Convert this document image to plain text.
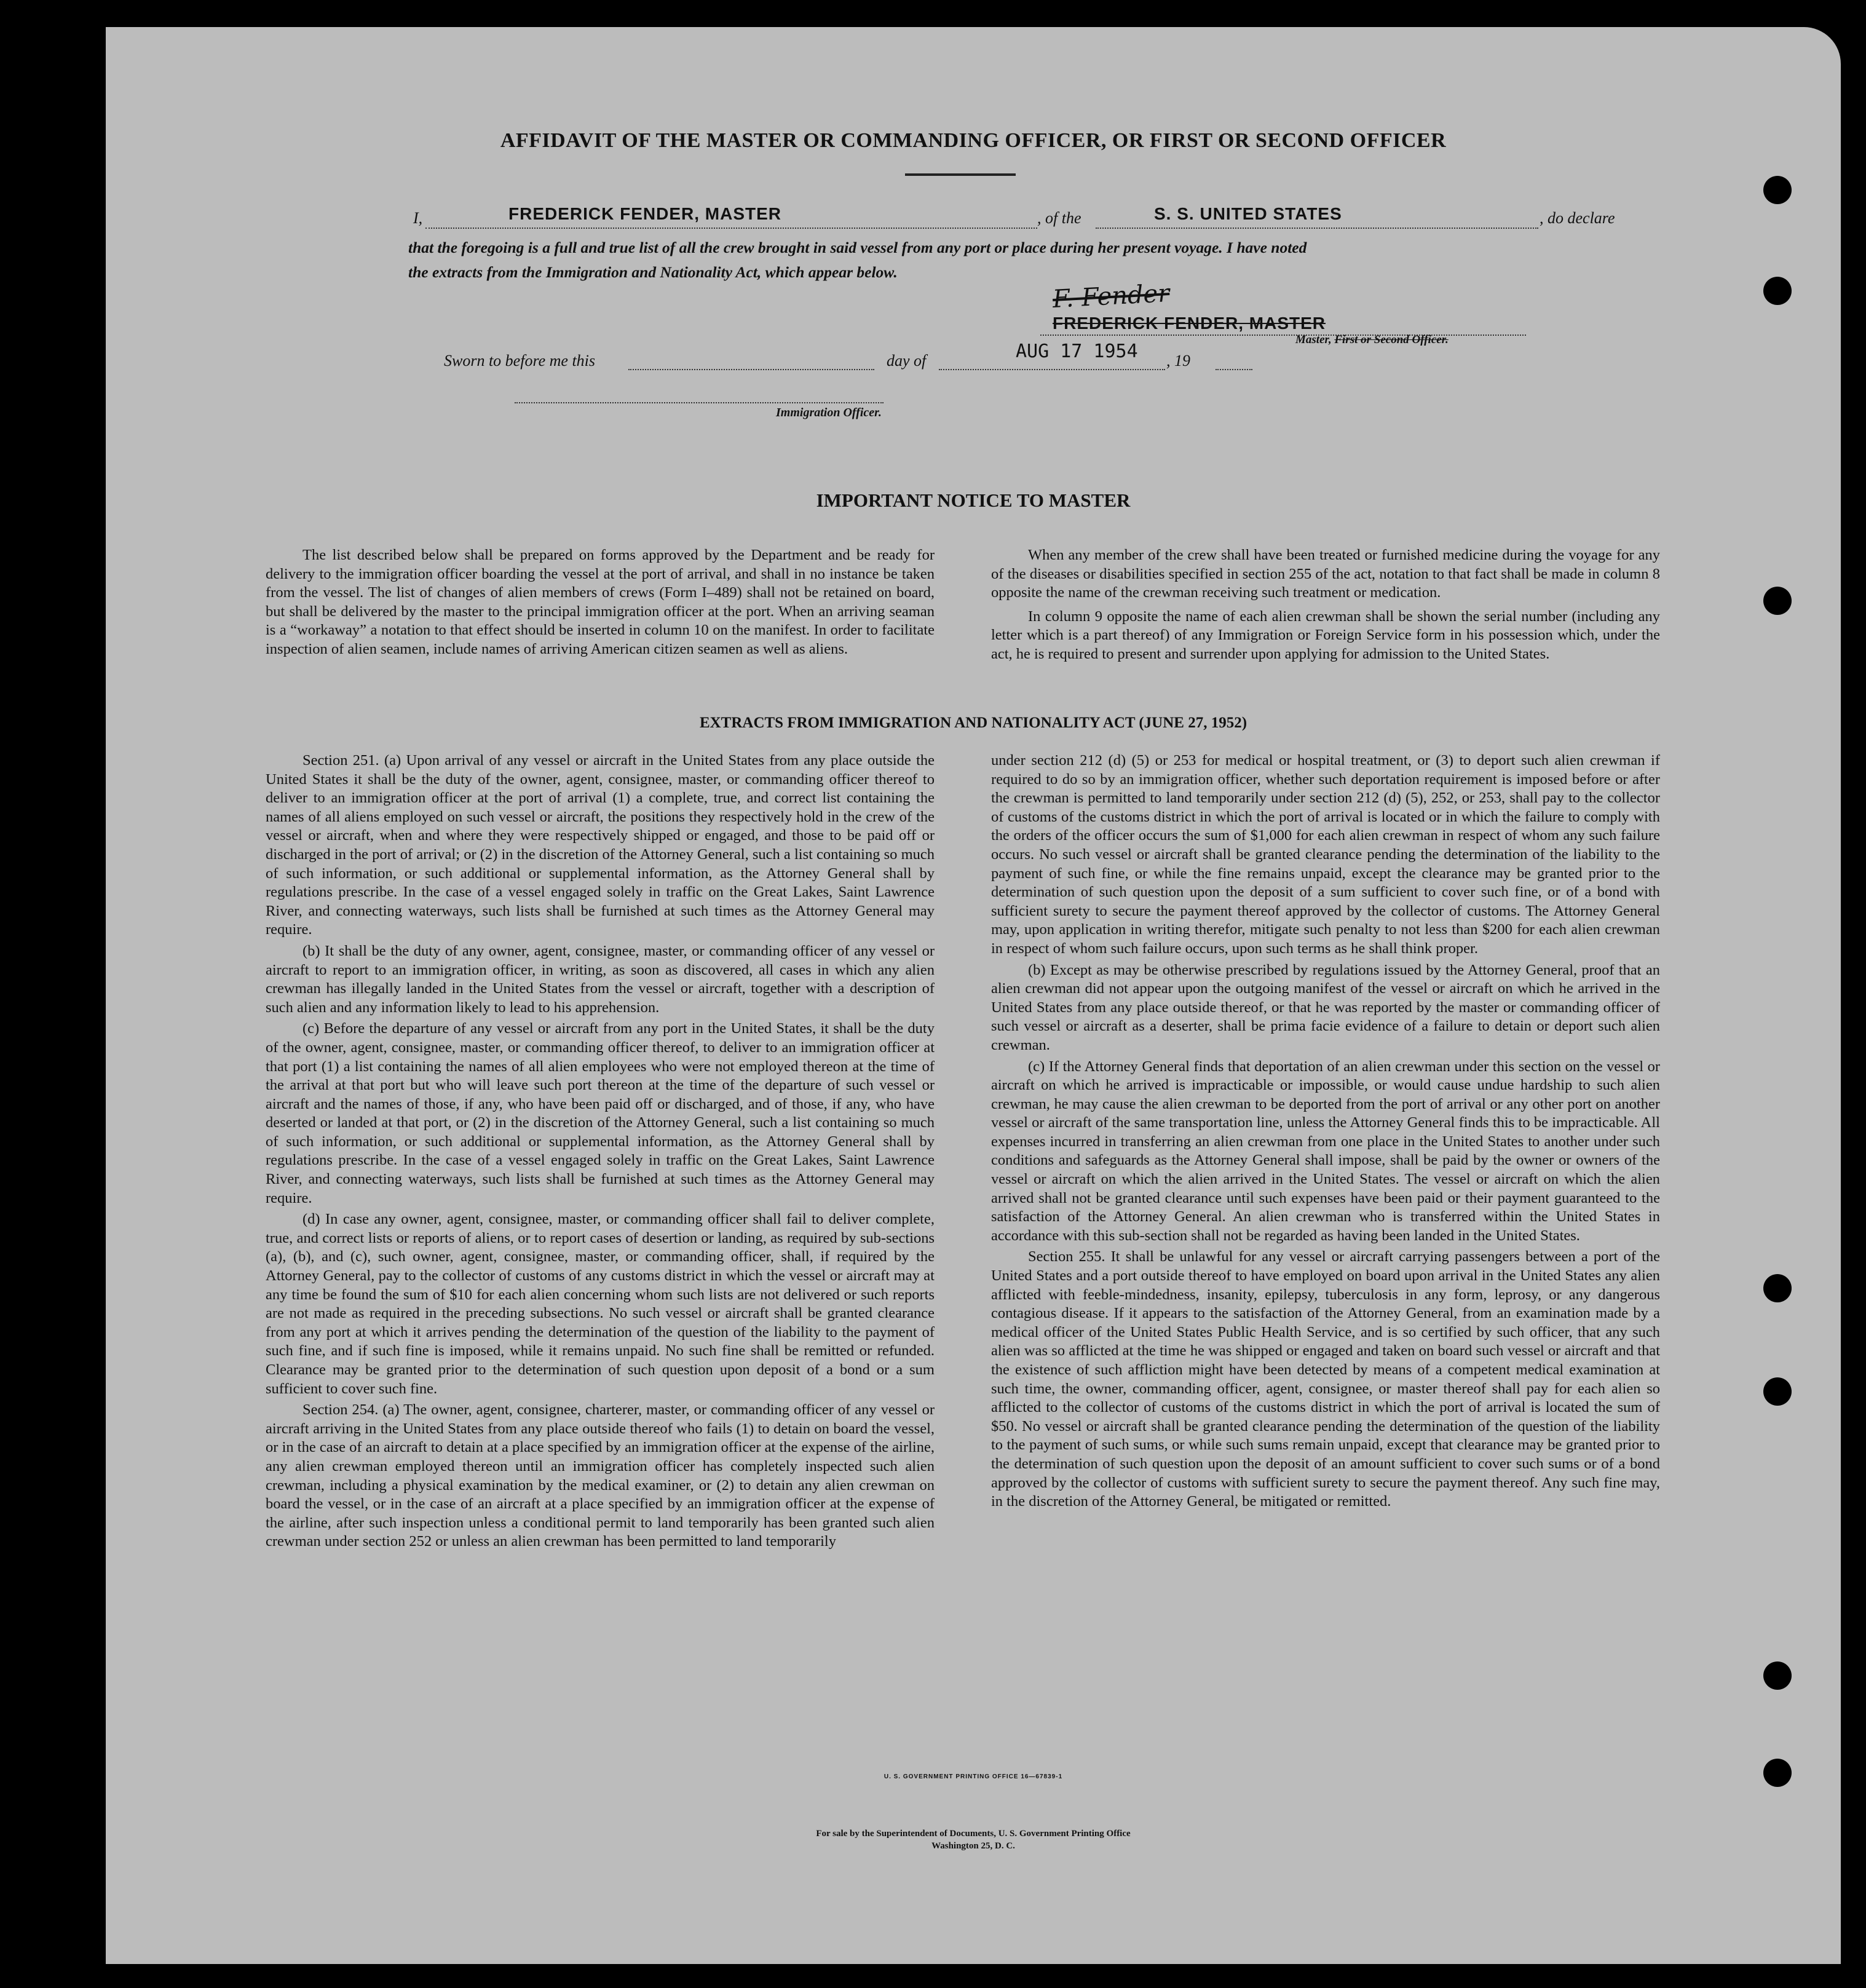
AFFIDAVIT OF THE MASTER OR COMMANDING OFFICER, OR FIRST OR SECOND OFFICER
I,	FREDERICK FENDER, MASTER	, of the	S. S. UNITED STATES	, do declare
that the foregoing is a full and true list of all the crew brought in said vessel from any port or place during her present voyage. I have noted
the extracts from the Immigration and Nationality Act, which appear below.
F. Fender
FREDERICK FENDER, MASTER
Master, First or Second Officer.
Sworn to before me this	day of	AUG 17 1954 , 19
Immigration Officer.
IMPORTANT NOTICE TO MASTER

The list described below shall be prepared on forms approved by the Department and be ready for delivery to the immigration officer boarding the vessel at the port of arrival, and shall in no instance be taken from the vessel. The list of changes of alien members of crews (Form I–489) shall not be retained on board, but shall be delivered by the master to the principal immigration officer at the port. When an arriving seaman is a “workaway” a notation to that effect should be inserted in column 10 on the manifest. In order to facilitate inspection of alien seamen, include names of arriving American citizen seamen as well as aliens.

When any member of the crew shall have been treated or furnished medicine during the voyage for any of the diseases or disabilities specified in section 255 of the act, notation to that fact shall be made in column 8 opposite the name of the crewman receiving such treatment or medication.

In column 9 opposite the name of each alien crewman shall be shown the serial number (including any letter which is a part thereof) of any Immigration or Foreign Service form in his possession which, under the act, he is required to present and surrender upon applying for admission to the United States.

EXTRACTS FROM IMMIGRATION AND NATIONALITY ACT (JUNE 27, 1952)

Section 251. (a) Upon arrival of any vessel or aircraft in the United States from any place outside the United States it shall be the duty of the owner, agent, consignee, master, or commanding officer thereof to deliver to an immigration officer at the port of arrival (1) a complete, true, and correct list containing the names of all aliens employed on such vessel or aircraft, the positions they respectively hold in the crew of the vessel or aircraft, when and where they were respectively shipped or engaged, and those to be paid off or discharged in the port of arrival; or (2) in the discretion of the Attorney General, such a list containing so much of such information, or such additional or supplemental information, as the Attorney General shall by regulations prescribe. In the case of a vessel engaged solely in traffic on the Great Lakes, Saint Lawrence River, and connecting waterways, such lists shall be furnished at such times as the Attorney General may require.

(b) It shall be the duty of any owner, agent, consignee, master, or commanding officer of any vessel or aircraft to report to an immigration officer, in writing, as soon as discovered, all cases in which any alien crewman has illegally landed in the United States from the vessel or aircraft, together with a description of such alien and any information likely to lead to his apprehension.

(c) Before the departure of any vessel or aircraft from any port in the United States, it shall be the duty of the owner, agent, consignee, master, or commanding officer thereof, to deliver to an immigration officer at that port (1) a list containing the names of all alien employees who were not employed thereon at the time of the arrival at that port but who will leave such port thereon at the time of the departure of such vessel or aircraft and the names of those, if any, who have been paid off or discharged, and of those, if any, who have deserted or landed at that port, or (2) in the discretion of the Attorney General, such a list containing so much of such information, or such additional or supplemental information, as the Attorney General shall by regulations prescribe. In the case of a vessel engaged solely in traffic on the Great Lakes, Saint Lawrence River, and connecting waterways, such lists shall be furnished at such times as the Attorney General may require.

(d) In case any owner, agent, consignee, master, or commanding officer shall fail to deliver complete, true, and correct lists or reports of aliens, or to report cases of desertion or landing, as required by sub-sections (a), (b), and (c), such owner, agent, consignee, master, or commanding officer, shall, if required by the Attorney General, pay to the collector of customs of any customs district in which the vessel or aircraft may at any time be found the sum of $10 for each alien concerning whom such lists are not delivered or such reports are not made as required in the preceding subsections. No such vessel or aircraft shall be granted clearance from any port at which it arrives pending the determination of the question of the liability to the payment of such fine, and if such fine is imposed, while it remains unpaid. No such fine shall be remitted or refunded. Clearance may be granted prior to the determination of such question upon deposit of a bond or a sum sufficient to cover such fine.

Section 254. (a) The owner, agent, consignee, charterer, master, or commanding officer of any vessel or aircraft arriving in the United States from any place outside thereof who fails (1) to detain on board the vessel, or in the case of an aircraft to detain at a place specified by an immigration officer at the expense of the airline, any alien crewman employed thereon until an immigration officer has completely inspected such alien crewman, including a physical examination by the medical examiner, or (2) to detain any alien crewman on board the vessel, or in the case of an aircraft at a place specified by an immigration officer at the expense of the airline, after such inspection unless a conditional permit to land temporarily has been granted such alien crewman under section 252 or unless an alien crewman has been permitted to land temporarily

under section 212 (d) (5) or 253 for medical or hospital treatment, or (3) to deport such alien crewman if required to do so by an immigration officer, whether such deportation requirement is imposed before or after the crewman is permitted to land temporarily under section 212 (d) (5), 252, or 253, shall pay to the collector of customs of the customs district in which the port of arrival is located or in which the failure to comply with the orders of the officer occurs the sum of $1,000 for each alien crewman in respect of whom any such failure occurs. No such vessel or aircraft shall be granted clearance pending the determination of the liability to the payment of such fine, or while the fine remains unpaid, except the clearance may be granted prior to the determination of such question upon the deposit of a sum sufficient to cover such fine, or of a bond with sufficient surety to secure the payment thereof approved by the collector of customs. The Attorney General may, upon application in writing therefor, mitigate such penalty to not less than $200 for each alien crewman in respect of whom such failure occurs, upon such terms as he shall think proper.

(b) Except as may be otherwise prescribed by regulations issued by the Attorney General, proof that an alien crewman did not appear upon the outgoing manifest of the vessel or aircraft on which he arrived in the United States from any place outside thereof, or that he was reported by the master or commanding officer of such vessel or aircraft as a deserter, shall be prima facie evidence of a failure to detain or deport such alien crewman.

(c) If the Attorney General finds that deportation of an alien crewman under this section on the vessel or aircraft on which he arrived is impracticable or impossible, or would cause undue hardship to such alien crewman, he may cause the alien crewman to be deported from the port of arrival or any other port on another vessel or aircraft of the same transportation line, unless the Attorney General finds this to be impracticable. All expenses incurred in transferring an alien crewman from one place in the United States to another under such conditions and safeguards as the Attorney General shall impose, shall be paid by the owner or owners of the vessel or aircraft on which the alien arrived in the United States. The vessel or aircraft on which the alien arrived shall not be granted clearance until such expenses have been paid or their payment guaranteed to the satisfaction of the Attorney General. An alien crewman who is transferred within the United States in accordance with this sub-section shall not be regarded as having been landed in the United States.

Section 255. It shall be unlawful for any vessel or aircraft carrying passengers between a port of the United States and a port outside thereof to have employed on board upon arrival in the United States any alien afflicted with feeble-mindedness, insanity, epilepsy, tuberculosis in any form, leprosy, or any dangerous contagious disease. If it appears to the satisfaction of the Attorney General, from an examination made by a medical officer of the United States Public Health Service, and is so certified by such officer, that any such alien was so afflicted at the time he was shipped or engaged and taken on board such vessel or aircraft and that the existence of such affliction might have been detected by means of a competent medical examination at such time, the owner, commanding officer, agent, consignee, or master thereof shall pay for each alien so afflicted to the collector of customs of the customs district in which the port of arrival is located the sum of $50. No vessel or aircraft shall be granted clearance pending the determination of the question of the liability to the payment of such sums, or while such sums remain unpaid, except that clearance may be granted prior to the determination of such question upon the deposit of an amount sufficient to cover such sums or of a bond approved by the collector of customs with sufficient surety to secure the payment thereof. Any such fine may, in the discretion of the Attorney General, be mitigated or remitted.

U. S. GOVERNMENT PRINTING OFFICE 16—67839-1
For sale by the Superintendent of Documents, U. S. Government Printing Office
Washington 25, D. C.
